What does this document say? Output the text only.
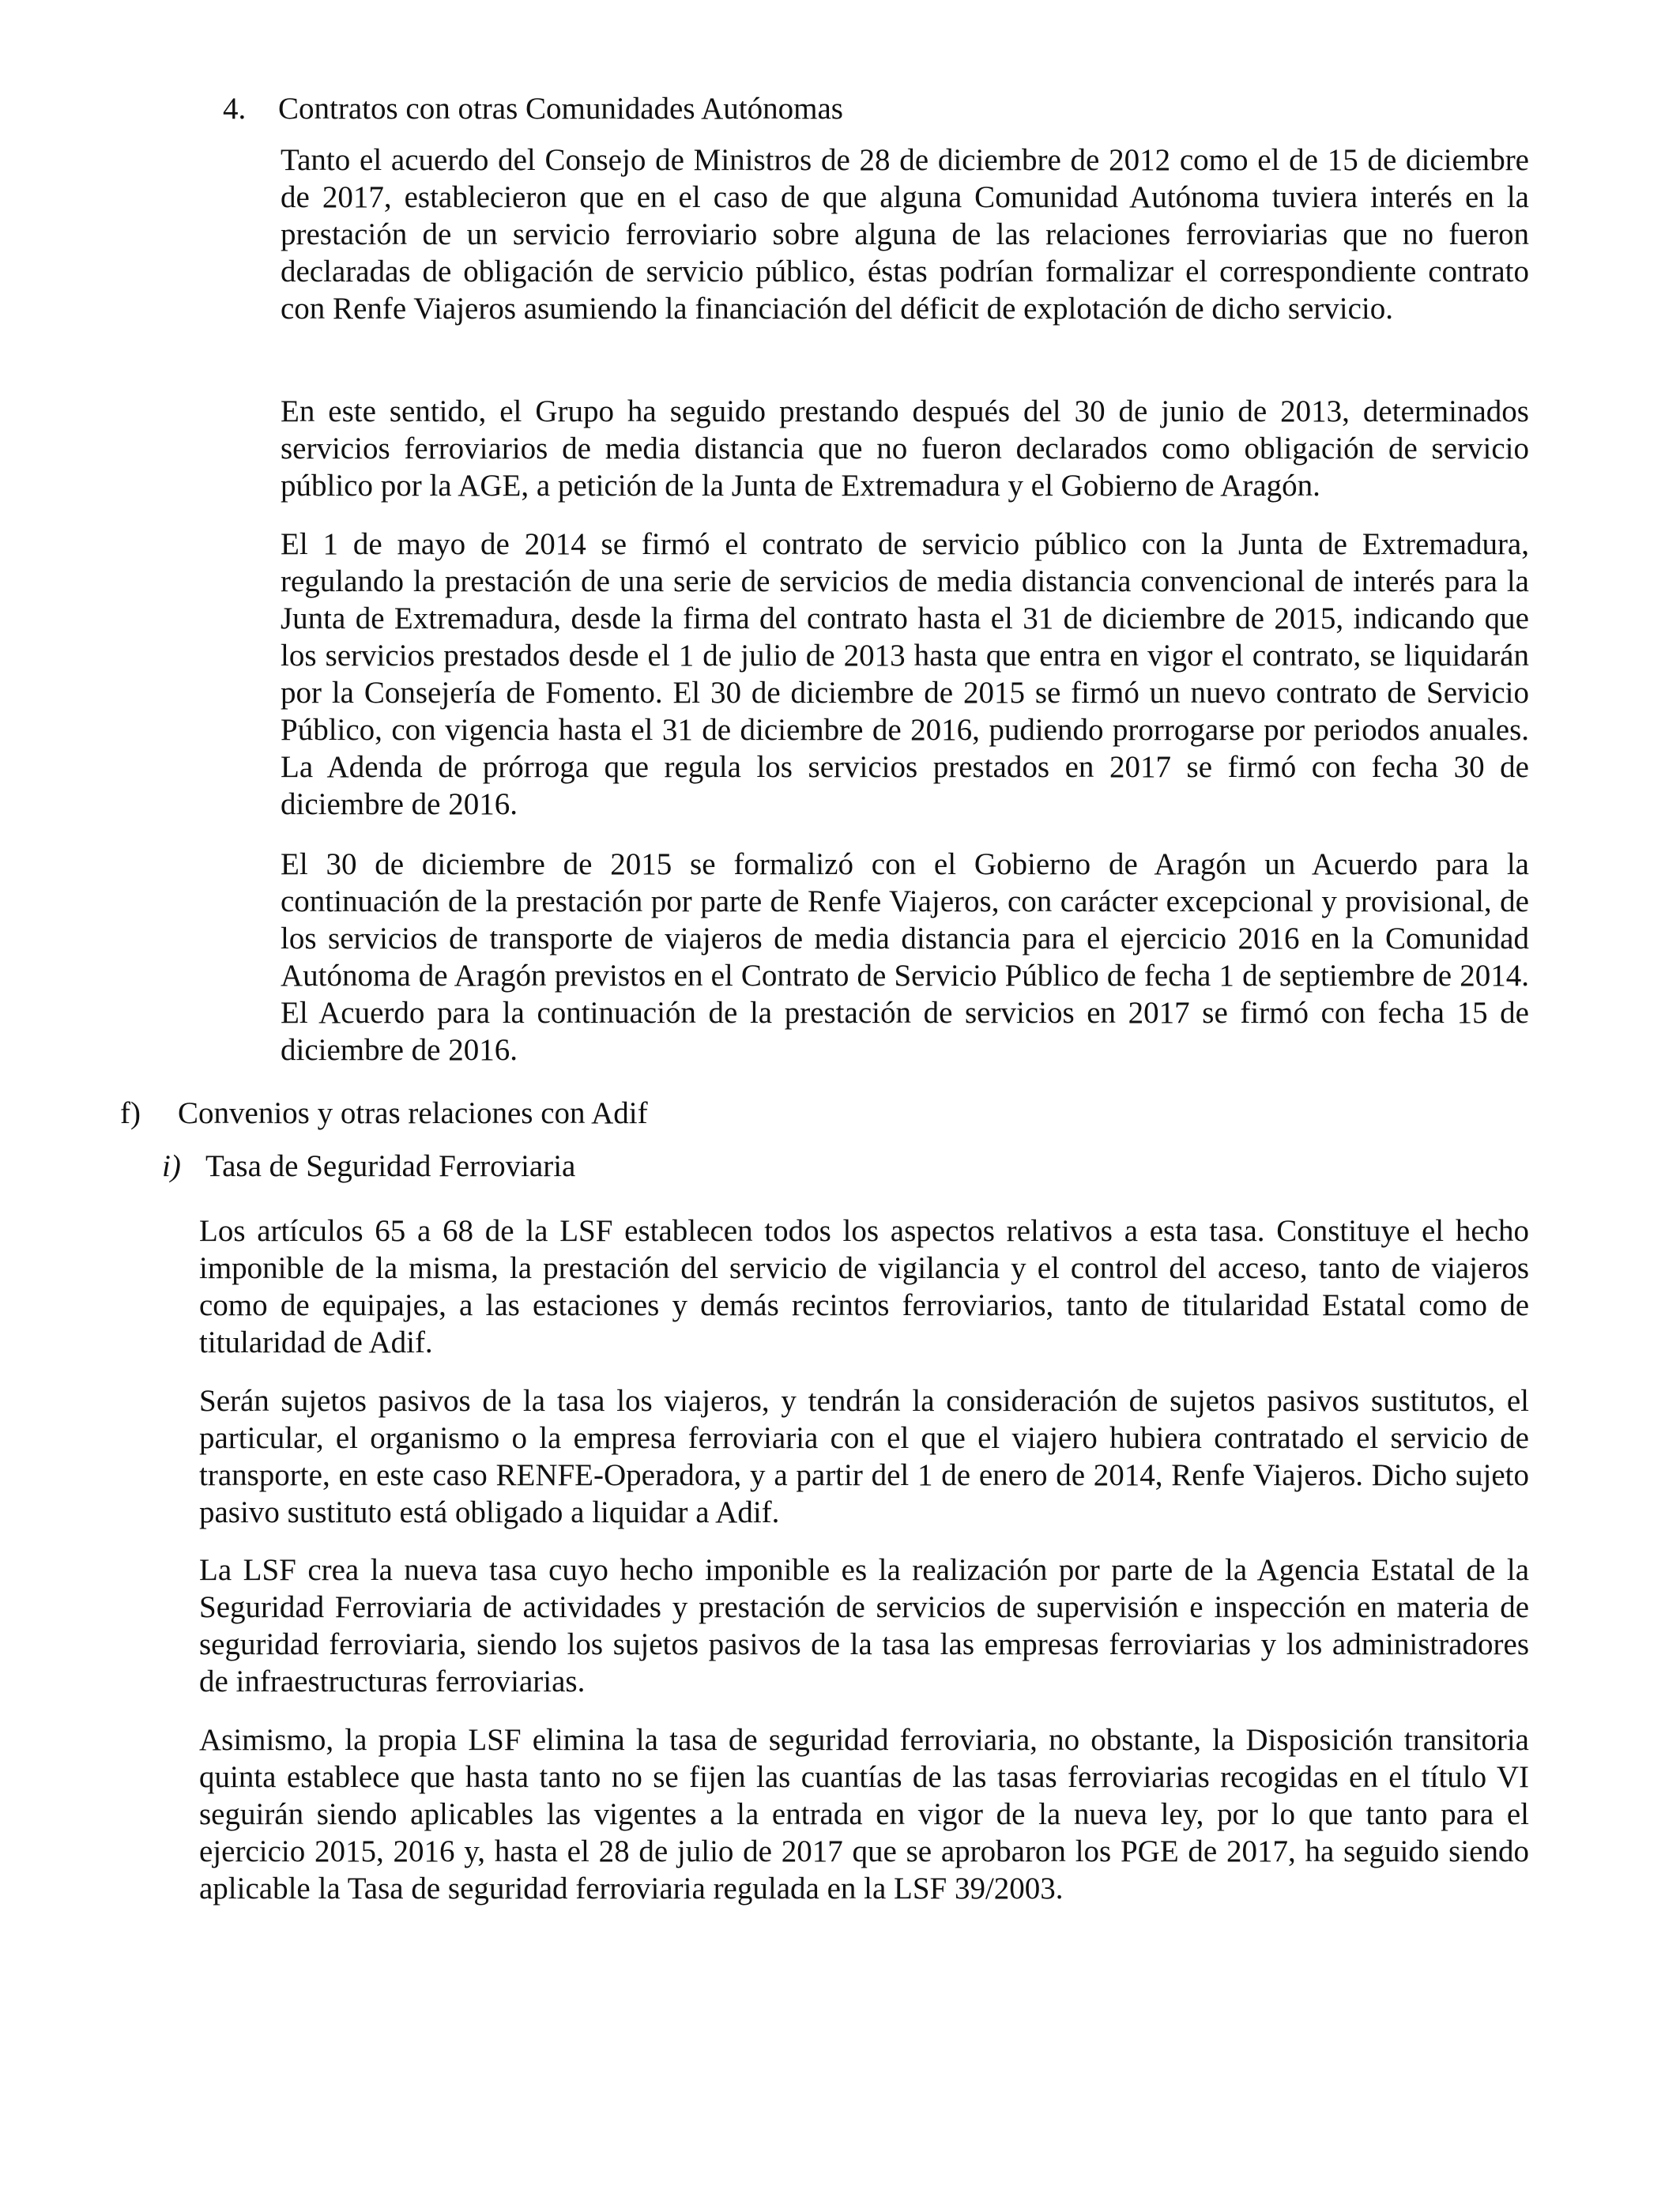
4. Contratos con otras Comunidades Autónomas

Tanto el acuerdo del Consejo de Ministros de 28 de diciembre de 2012 como el de 15 de diciembre de 2017, establecieron que en el caso de que alguna Comunidad Autónoma tuviera interés en la prestación de un servicio ferroviario sobre alguna de las relaciones ferroviarias que no fueron declaradas de obligación de servicio público, éstas podrían formalizar el correspondiente contrato con Renfe Viajeros asumiendo la financiación del déficit de explotación de dicho servicio.

En este sentido, el Grupo ha seguido prestando después del 30 de junio de 2013, determinados servicios ferroviarios de media distancia que no fueron declarados como obligación de servicio público por la AGE, a petición de la Junta de Extremadura y el Gobierno de Aragón.

El 1 de mayo de 2014 se firmó el contrato de servicio público con la Junta de Extremadura, regulando la prestación de una serie de servicios de media distancia convencional de interés para la Junta de Extremadura, desde la firma del contrato hasta el 31 de diciembre de 2015, indicando que los servicios prestados desde el 1 de julio de 2013 hasta que entra en vigor el contrato, se liquidarán por la Consejería de Fomento. El 30 de diciembre de 2015 se firmó un nuevo contrato de Servicio Público, con vigencia hasta el 31 de diciembre de 2016, pudiendo prorrogarse por periodos anuales. La Adenda de prórroga que regula los servicios prestados en 2017 se firmó con fecha 30 de diciembre de 2016.

El 30 de diciembre de 2015 se formalizó con el Gobierno de Aragón un Acuerdo para la continuación de la prestación por parte de Renfe Viajeros, con carácter excepcional y provisional, de los servicios de transporte de viajeros de media distancia para el ejercicio 2016 en la Comunidad Autónoma de Aragón previstos en el Contrato de Servicio Público de fecha 1 de septiembre de 2014. El Acuerdo para la continuación de la prestación de servicios en 2017 se firmó con fecha 15 de diciembre de 2016.

f) Convenios y otras relaciones con Adif
i) Tasa de Seguridad Ferroviaria

Los artículos 65 a 68 de la LSF establecen todos los aspectos relativos a esta tasa. Constituye el hecho imponible de la misma, la prestación del servicio de vigilancia y el control del acceso, tanto de viajeros como de equipajes, a las estaciones y demás recintos ferroviarios, tanto de titularidad Estatal como de titularidad de Adif.

Serán sujetos pasivos de la tasa los viajeros, y tendrán la consideración de sujetos pasivos sustitutos, el particular, el organismo o la empresa ferroviaria con el que el viajero hubiera contratado el servicio de transporte, en este caso RENFE-Operadora, y a partir del 1 de enero de 2014, Renfe Viajeros. Dicho sujeto pasivo sustituto está obligado a liquidar a Adif.

La LSF crea la nueva tasa cuyo hecho imponible es la realización por parte de la Agencia Estatal de la Seguridad Ferroviaria de actividades y prestación de servicios de supervisión e inspección en materia de seguridad ferroviaria, siendo los sujetos pasivos de la tasa las empresas ferroviarias y los administradores de infraestructuras ferroviarias.

Asimismo, la propia LSF elimina la tasa de seguridad ferroviaria, no obstante, la Disposición transitoria quinta establece que hasta tanto no se fijen las cuantías de las tasas ferroviarias recogidas en el título VI seguirán siendo aplicables las vigentes a la entrada en vigor de la nueva ley, por lo que tanto para el ejercicio 2015, 2016 y, hasta el 28 de julio de 2017 que se aprobaron los PGE de 2017, ha seguido siendo aplicable la Tasa de seguridad ferroviaria regulada en la LSF 39/2003.
